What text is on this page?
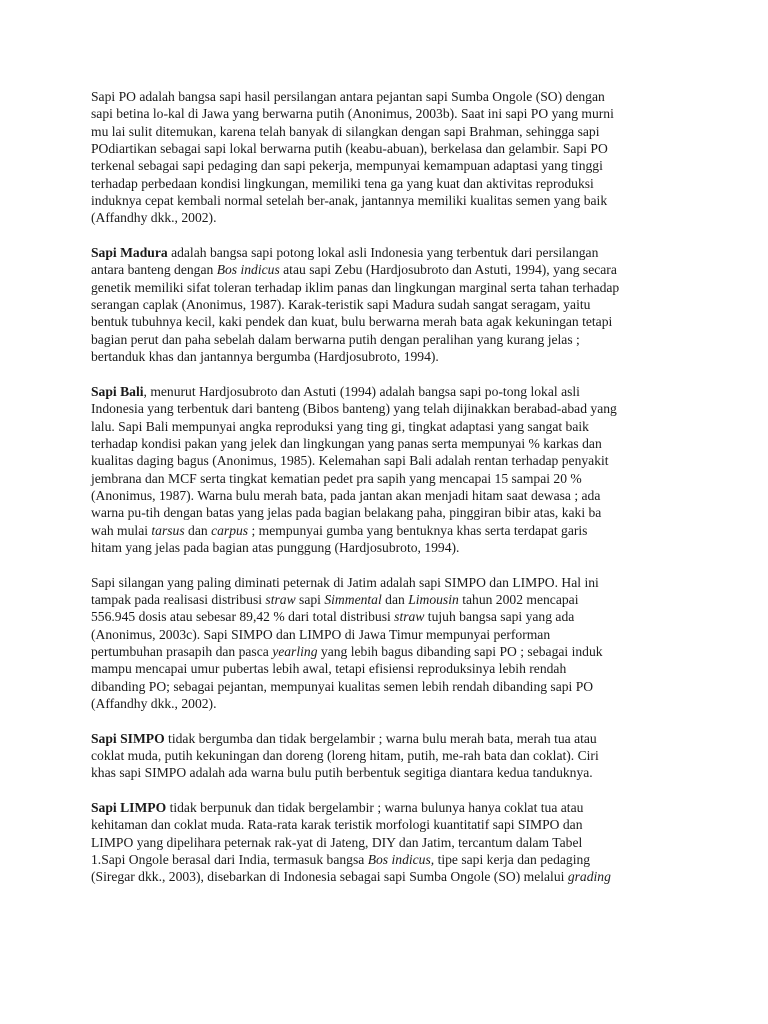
Sapi PO adalah bangsa sapi hasil persilangan antara pejantan sapi Sumba Ongole (SO) dengan
sapi betina lo-kal di Jawa yang berwarna putih (Anonimus, 2003b). Saat ini sapi PO yang murni
mu lai sulit ditemukan, karena telah banyak di silangkan dengan sapi Brahman, sehingga sapi
POdiartikan sebagai sapi lokal berwarna putih (keabu-abuan), berkelasa dan gelambir. Sapi PO
terkenal sebagai sapi pedaging dan sapi pekerja, mempunyai kemampuan adaptasi yang tinggi
terhadap perbedaan kondisi lingkungan, memiliki tena ga yang kuat dan aktivitas reproduksi
induknya cepat kembali normal setelah ber-anak, jantannya memiliki kualitas semen yang baik
(Affandhy dkk., 2002).
Sapi Madura adalah bangsa sapi potong lokal asli Indonesia yang terbentuk dari persilangan
antara banteng dengan Bos indicus atau sapi Zebu (Hardjosubroto dan Astuti, 1994), yang secara
genetik memiliki sifat toleran terhadap iklim panas dan lingkungan marginal serta tahan terhadap
serangan caplak (Anonimus, 1987). Karak-teristik sapi Madura sudah sangat seragam, yaitu
bentuk tubuhnya kecil, kaki pendek dan kuat, bulu berwarna merah bata agak kekuningan tetapi
bagian perut dan paha sebelah dalam berwarna putih dengan peralihan yang kurang jelas ;
bertanduk khas dan jantannya bergumba (Hardjosubroto, 1994).
Sapi Bali, menurut Hardjosubroto dan Astuti (1994) adalah bangsa sapi po-tong lokal asli
Indonesia yang terbentuk dari banteng (Bibos banteng) yang telah dijinakkan berabad-abad yang
lalu. Sapi Bali mempunyai angka reproduksi yang ting gi, tingkat adaptasi yang sangat baik
terhadap kondisi pakan yang jelek dan lingkungan yang panas serta mempunyai % karkas dan
kualitas daging bagus (Anonimus, 1985). Kelemahan sapi Bali adalah rentan terhadap penyakit
jembrana dan MCF serta tingkat kematian pedet pra sapih yang mencapai 15 sampai 20 %
(Anonimus, 1987). Warna bulu merah bata, pada jantan akan menjadi hitam saat dewasa ; ada
warna pu-tih dengan batas yang jelas pada bagian belakang paha, pinggiran bibir atas, kaki ba
wah mulai tarsus dan carpus ; mempunyai gumba yang bentuknya khas serta terdapat garis
hitam yang jelas pada bagian atas punggung (Hardjosubroto, 1994).
Sapi silangan yang paling diminati peternak di Jatim adalah sapi SIMPO dan LIMPO. Hal ini
tampak pada realisasi distribusi straw sapi Simmental dan Limousin tahun 2002 mencapai
556.945 dosis atau sebesar 89,42 % dari total distribusi straw tujuh bangsa sapi yang ada
(Anonimus, 2003c). Sapi SIMPO dan LIMPO di Jawa Timur mempunyai performan
pertumbuhan prasapih dan pasca yearling yang lebih bagus dibanding sapi PO ; sebagai induk
mampu mencapai umur pubertas lebih awal, tetapi efisiensi reproduksinya lebih rendah
dibanding PO; sebagai pejantan, mempunyai kualitas semen lebih rendah dibanding sapi PO
(Affandhy dkk., 2002).
Sapi SIMPO tidak bergumba dan tidak bergelambir ; warna bulu merah bata, merah tua atau
coklat muda, putih kekuningan dan doreng (loreng hitam, putih, me-rah bata dan coklat). Ciri
khas sapi SIMPO adalah ada warna bulu putih berbentuk segitiga diantara kedua tanduknya.
Sapi LIMPO tidak berpunuk dan tidak bergelambir ; warna bulunya hanya coklat tua atau
kehitaman dan coklat muda. Rata-rata karak teristik morfologi kuantitatif sapi SIMPO dan
LIMPO yang dipelihara peternak rak-yat di Jateng, DIY dan Jatim, tercantum dalam Tabel
1.Sapi Ongole berasal dari India, termasuk bangsa Bos indicus, tipe sapi kerja dan pedaging
(Siregar dkk., 2003), disebarkan di Indonesia sebagai sapi Sumba Ongole (SO) melalui grading
